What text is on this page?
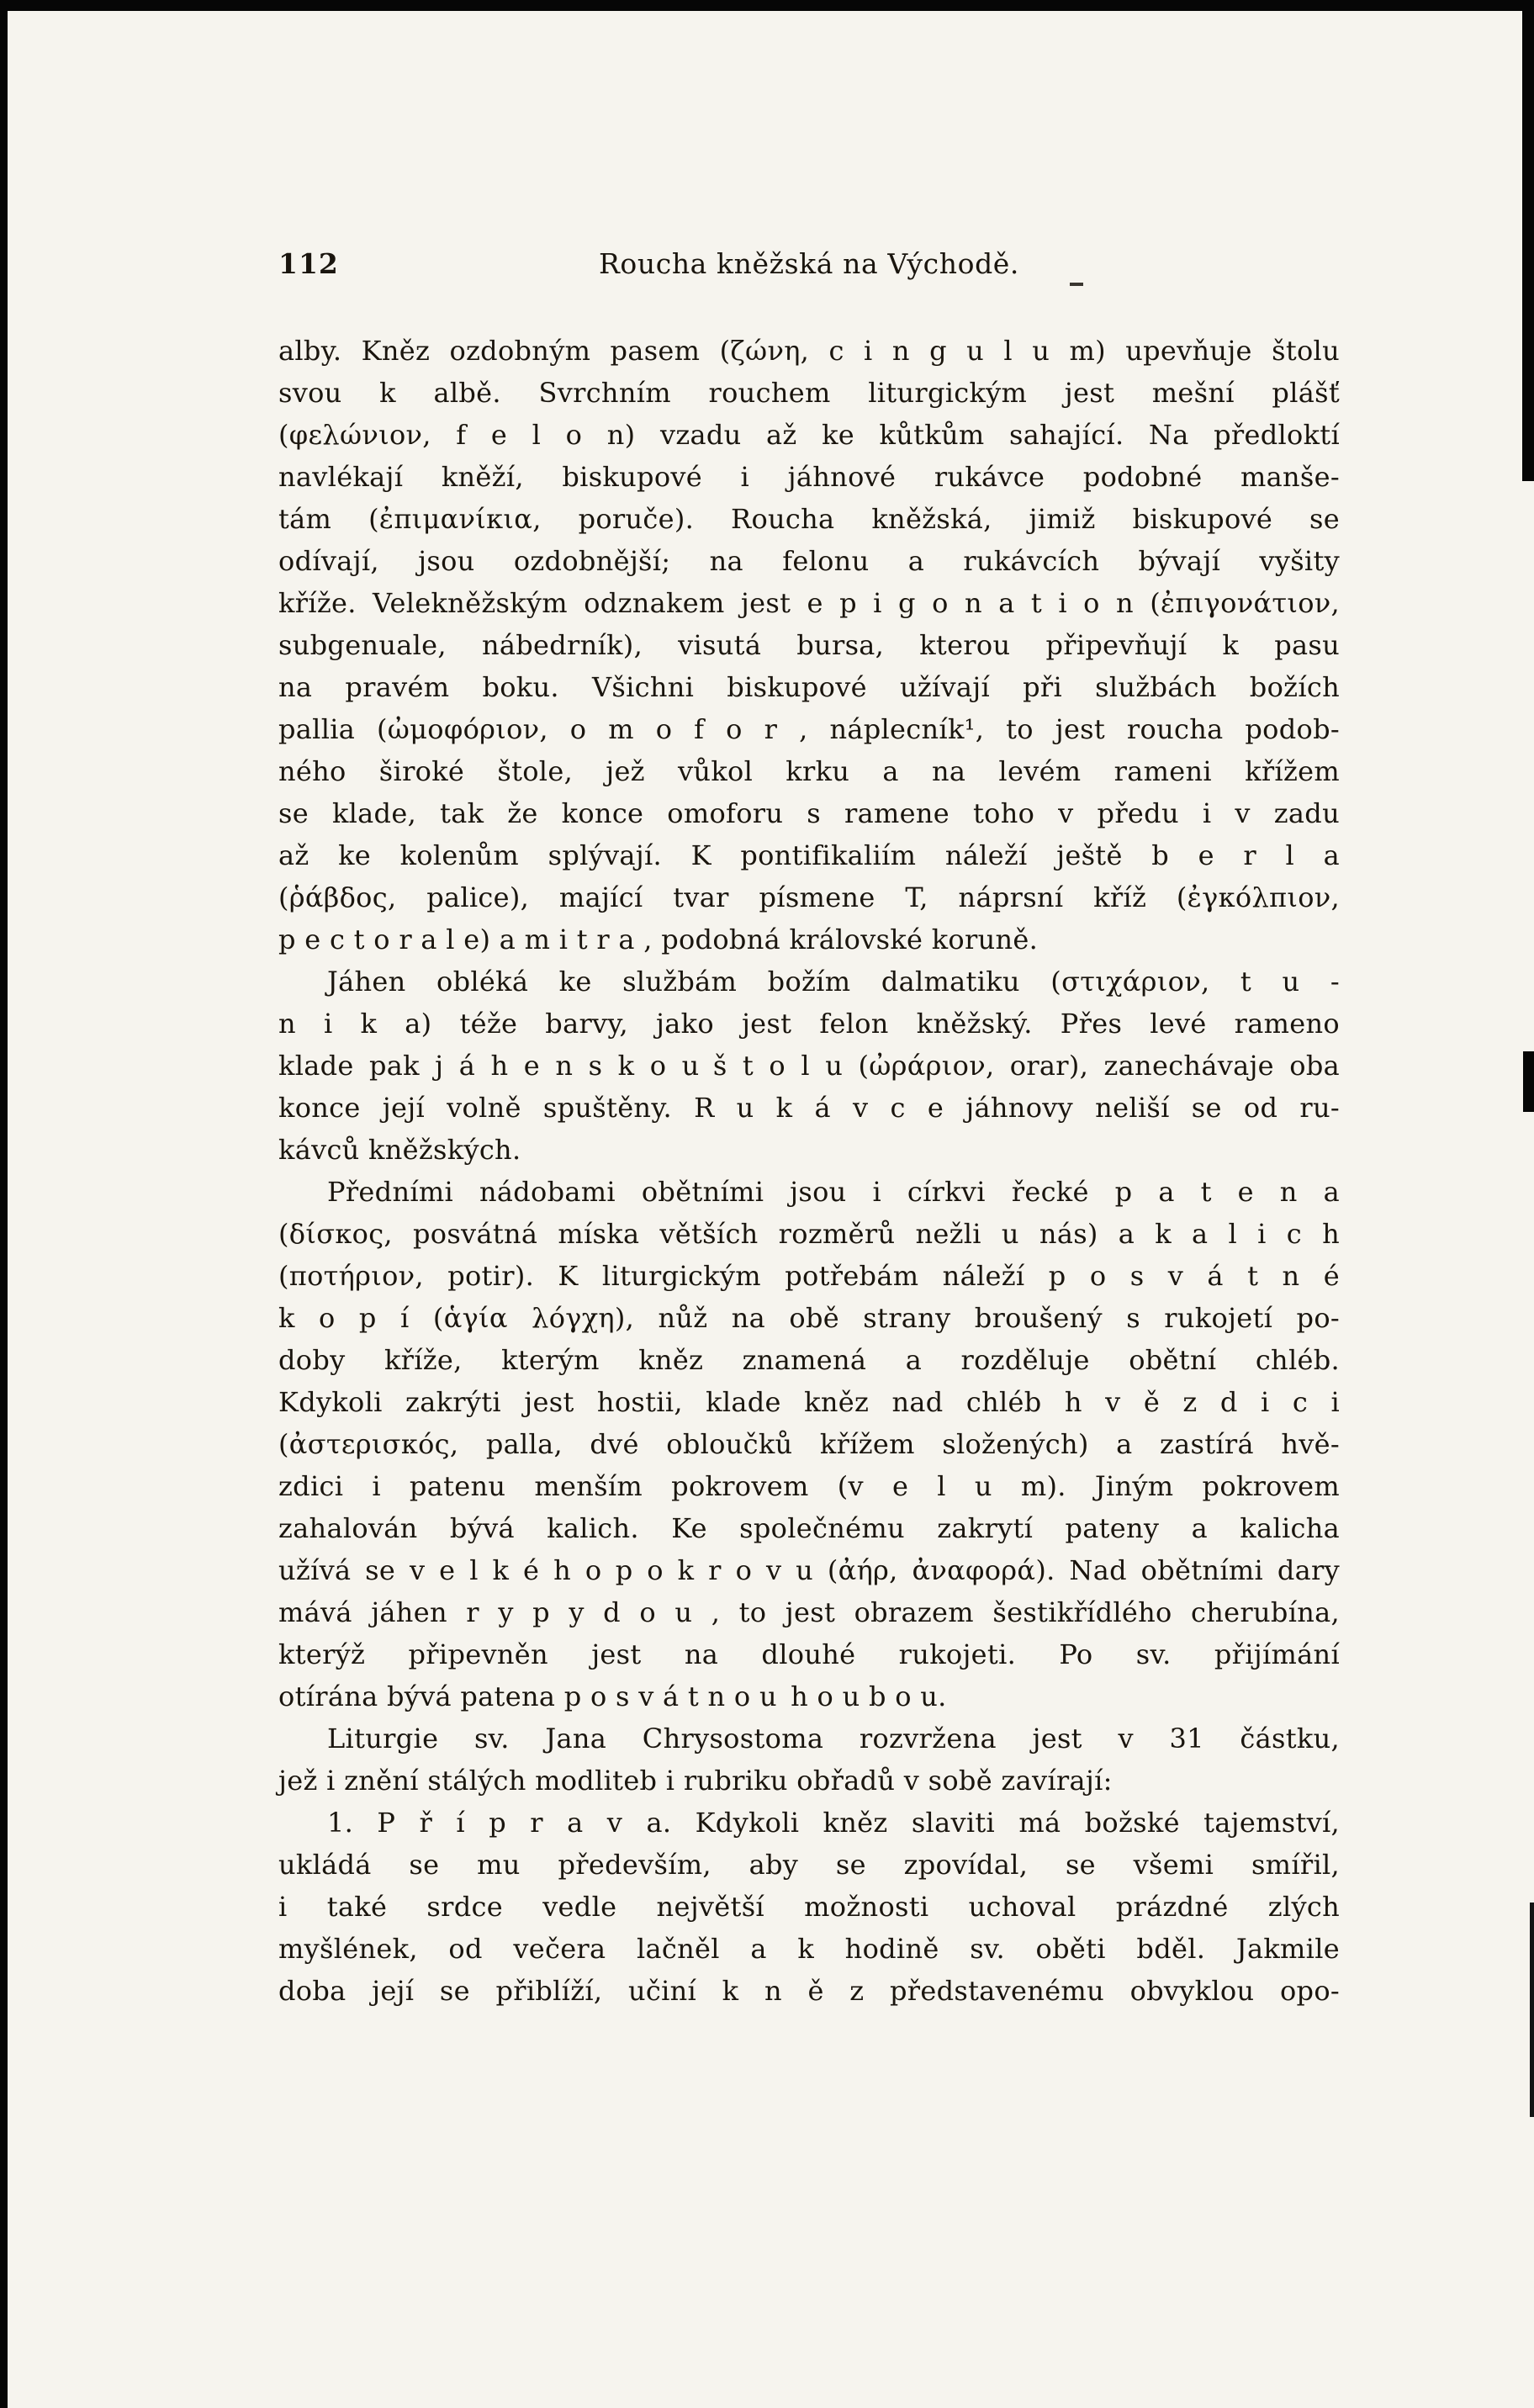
112	Roucha kněžská na Východě.
alby. Kněz ozdobným pasem (ζώνη, c i n g u l u m) upevňuje štolu
svou k albě. Svrchním rouchem liturgickým jest mešní plášť
(φελώνιον, f e l o n) vzadu až ke kůtkům sahající. Na předloktí
navlékají kněží, biskupové i jáhnové rukávce podobné manše-
tám (ἐπιμανίκια, poruče). Roucha kněžská, jimiž biskupové se
odívají, jsou ozdobnější; na felonu a rukávcích bývají vyšity
kříže. Velekněžským odznakem jest e p i g o n a t i o n (ἐπιγονάτιον,
subgenuale, nábedrník), visutá bursa, kterou připevňují k pasu
na pravém boku. Všichni biskupové užívají při službách božích
pallia (ὠμοφόριον, o m o f o r , náplecník¹, to jest roucha podob-
ného široké štole, jež vůkol krku a na levém rameni křížem
se klade, tak že konce omoforu s ramene toho v předu i v zadu
až ke kolenům splývají. K pontifikaliím náleží ještě b e r l a
(ῥάβδος, palice), mající tvar písmene T, náprsní kříž (ἐγκόλπιον,
p e c t o r a l e) a m i t r a , podobná královské koruně.
Jáhen obléká ke službám božím dalmatiku (στιχάριον, t u -
n i k a) téže barvy, jako jest felon kněžský. Přes levé rameno
klade pak j á h e n s k o u š t o l u (ὠράριον, orar), zanechávaje oba
konce její volně spuštěny. R u k á v c e jáhnovy neliší se od ru-
kávců kněžských.
Předními nádobami obětními jsou i církvi řecké p a t e n a
(δίσκος, posvátná míska větších rozměrů nežli u nás) a k a l i c h
(ποτήριον, potir). K liturgickým potřebám náleží p o s v á t n é
k o p í (ἁγία λόγχη), nůž na obě strany broušený s rukojetí po-
doby kříže, kterým kněz znamená a rozděluje obětní chléb.
Kdykoli zakrýti jest hostii, klade kněz nad chléb h v ě z d i c i
(ἀστερισκός, palla, dvé obloučků křížem složených) a zastírá hvě-
zdici i patenu menším pokrovem (v e l u m). Jiným pokrovem
zahalován bývá kalich. Ke společnému zakrytí pateny a kalicha
užívá se v e l k é h o p o k r o v u (ἀήρ, ἀναφορά). Nad obětními dary
mává jáhen r y p y d o u , to jest obrazem šestikřídlého cherubína,
kterýž připevněn jest na dlouhé rukojeti. Po sv. přijímání
otírána bývá patena p o s v á t n o u h o u b o u.
Liturgie sv. Jana Chrysostoma rozvržena jest v 31 částku,
jež i znění stálých modliteb i rubriku obřadů v sobě zavírají:
1. P ř í p r a v a. Kdykoli kněz slaviti má božské tajemství,
ukládá se mu především, aby se zpovídal, se všemi smířil,
i také srdce vedle největší možnosti uchoval prázdné zlých
myšlének, od večera lačněl a k hodině sv. oběti bděl. Jakmile
doba její se přiblíží, učiní k n ě z představenému obvyklou opo-
